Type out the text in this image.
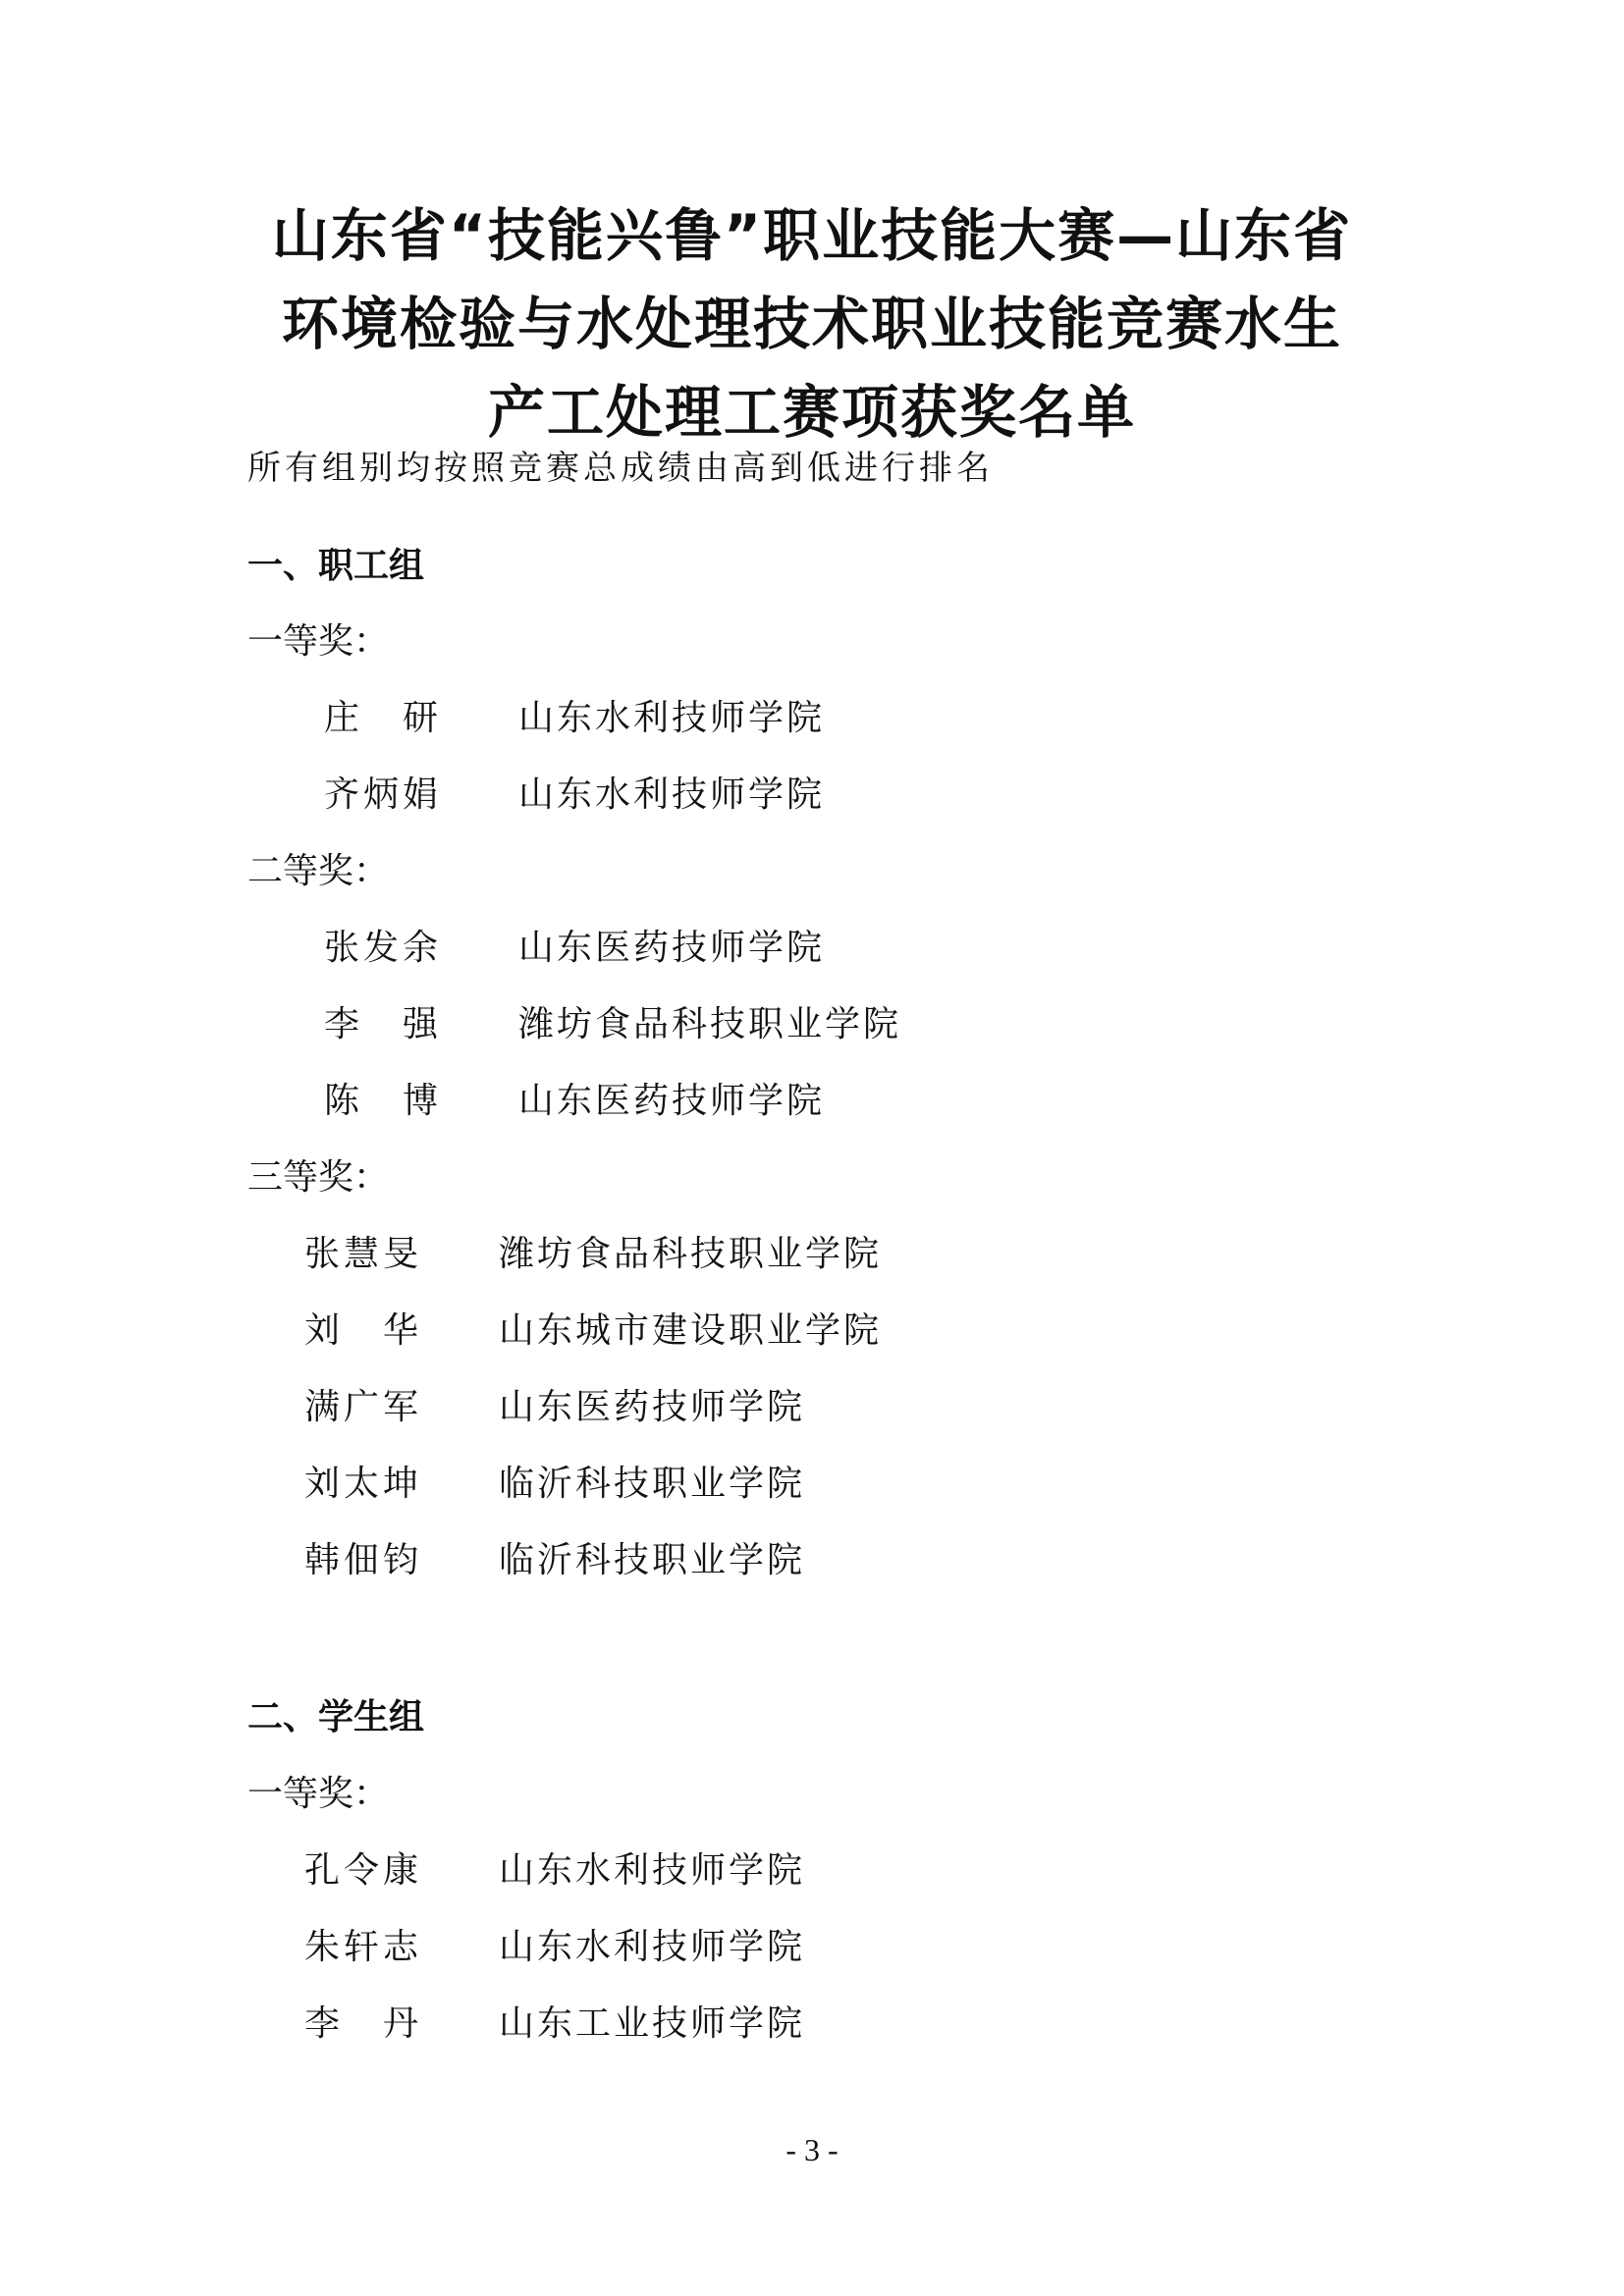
山东省“技能兴鲁”职业技能大赛—山东省
环境检验与水处理技术职业技能竞赛水生
产工处理工赛项获奖名单
所有组别均按照竞赛总成绩由高到低进行排名
一、职工组
一等奖：
庄　研 山东水利技师学院
齐炳娟 山东水利技师学院
二等奖：
张发余 山东医药技师学院
李　强 潍坊食品科技职业学院
陈　博 山东医药技师学院
三等奖：
张慧旻 潍坊食品科技职业学院
刘　华 山东城市建设职业学院
满广军 山东医药技师学院
刘太坤 临沂科技职业学院
韩佃钧 临沂科技职业学院
二、学生组
一等奖：
孔令康 山东水利技师学院
朱轩志 山东水利技师学院
李　丹 山东工业技师学院
- 3 -
